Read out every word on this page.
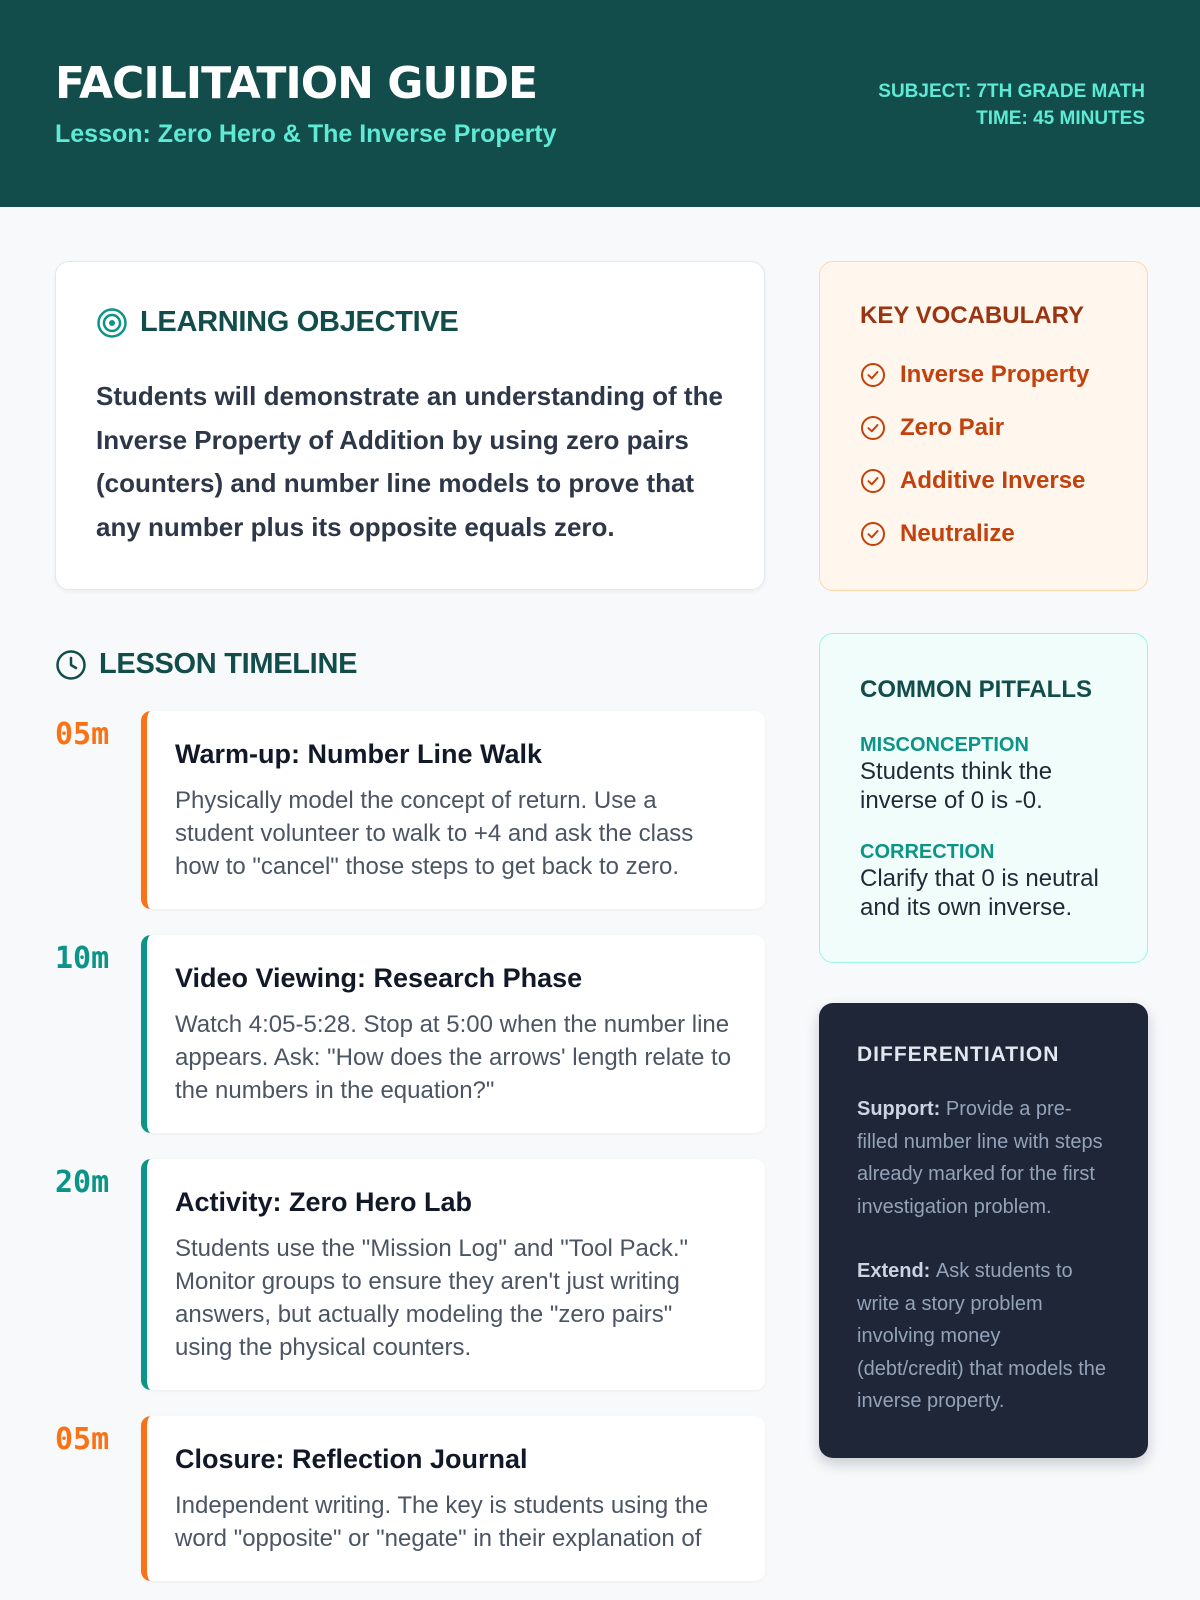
FACILITATION GUIDE
Lesson: Zero Hero & The Inverse Property
SUBJECT: 7TH GRADE MATH
TIME: 45 MINUTES
LEARNING OBJECTIVE

Students will demonstrate an understanding of the Inverse Property of Addition by using zero pairs (counters) and number line models to prove that any number plus its opposite equals zero.

LESSON TIMELINE
05m
Warm-up: Number Line Walk
Physically model the concept of return. Use a student volunteer to walk to +4 and ask the class how to "cancel" those steps to get back to zero.
10m
Video Viewing: Research Phase
Watch 4:05-5:28. Stop at 5:00 when the number line appears. Ask: "How does the arrows' length relate to the numbers in the equation?"
20m
Activity: Zero Hero Lab
Students use the "Mission Log" and "Tool Pack." Monitor groups to ensure they aren't just writing answers, but actually modeling the "zero pairs" using the physical counters.
05m
Closure: Reflection Journal
Independent writing. The key is students using the word "opposite" or "negate" in their explanation of
KEY VOCABULARY
Inverse Property
Zero Pair
Additive Inverse
Neutralize
COMMON PITFALLS
MISCONCEPTION
Students think the inverse of 0 is -0.
CORRECTION
Clarify that 0 is neutral and its own inverse.
DIFFERENTIATION

Support: Provide a pre-filled number line with steps already marked for the first investigation problem.

Extend: Ask students to write a story problem involving money (debt/credit) that models the inverse property.
